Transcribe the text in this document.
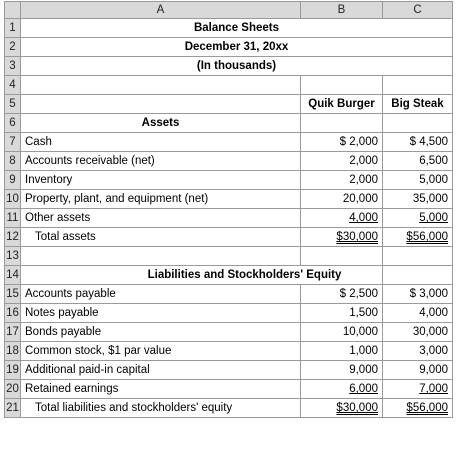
	A	B	C
1	Balance Sheets		
2	December 31, 20xx		
3	(In thousands)		
4			
5		Quik Burger	Big Steak
6	Assets		
7	Cash	$ 2,000	$ 4,500
8	Accounts receivable (net)	2,000	6,500
9	Inventory	2,000	5,000
10	Property, plant, and equipment (net)	20,000	35,000
11	Other assets	4,000	5,000
12	Total assets	$30,000	$56,000
13			
14	Liabilities and Stockholders' Equity		
15	Accounts payable	$ 2,500	$ 3,000
16	Notes payable	1,500	4,000
17	Bonds payable	10,000	30,000
18	Common stock, $1 par value	1,000	3,000
19	Additional paid-in capital	9,000	9,000
20	Retained earnings	6,000	7,000
21	Total liabilities and stockholders' equity	$30,000	$56,000
